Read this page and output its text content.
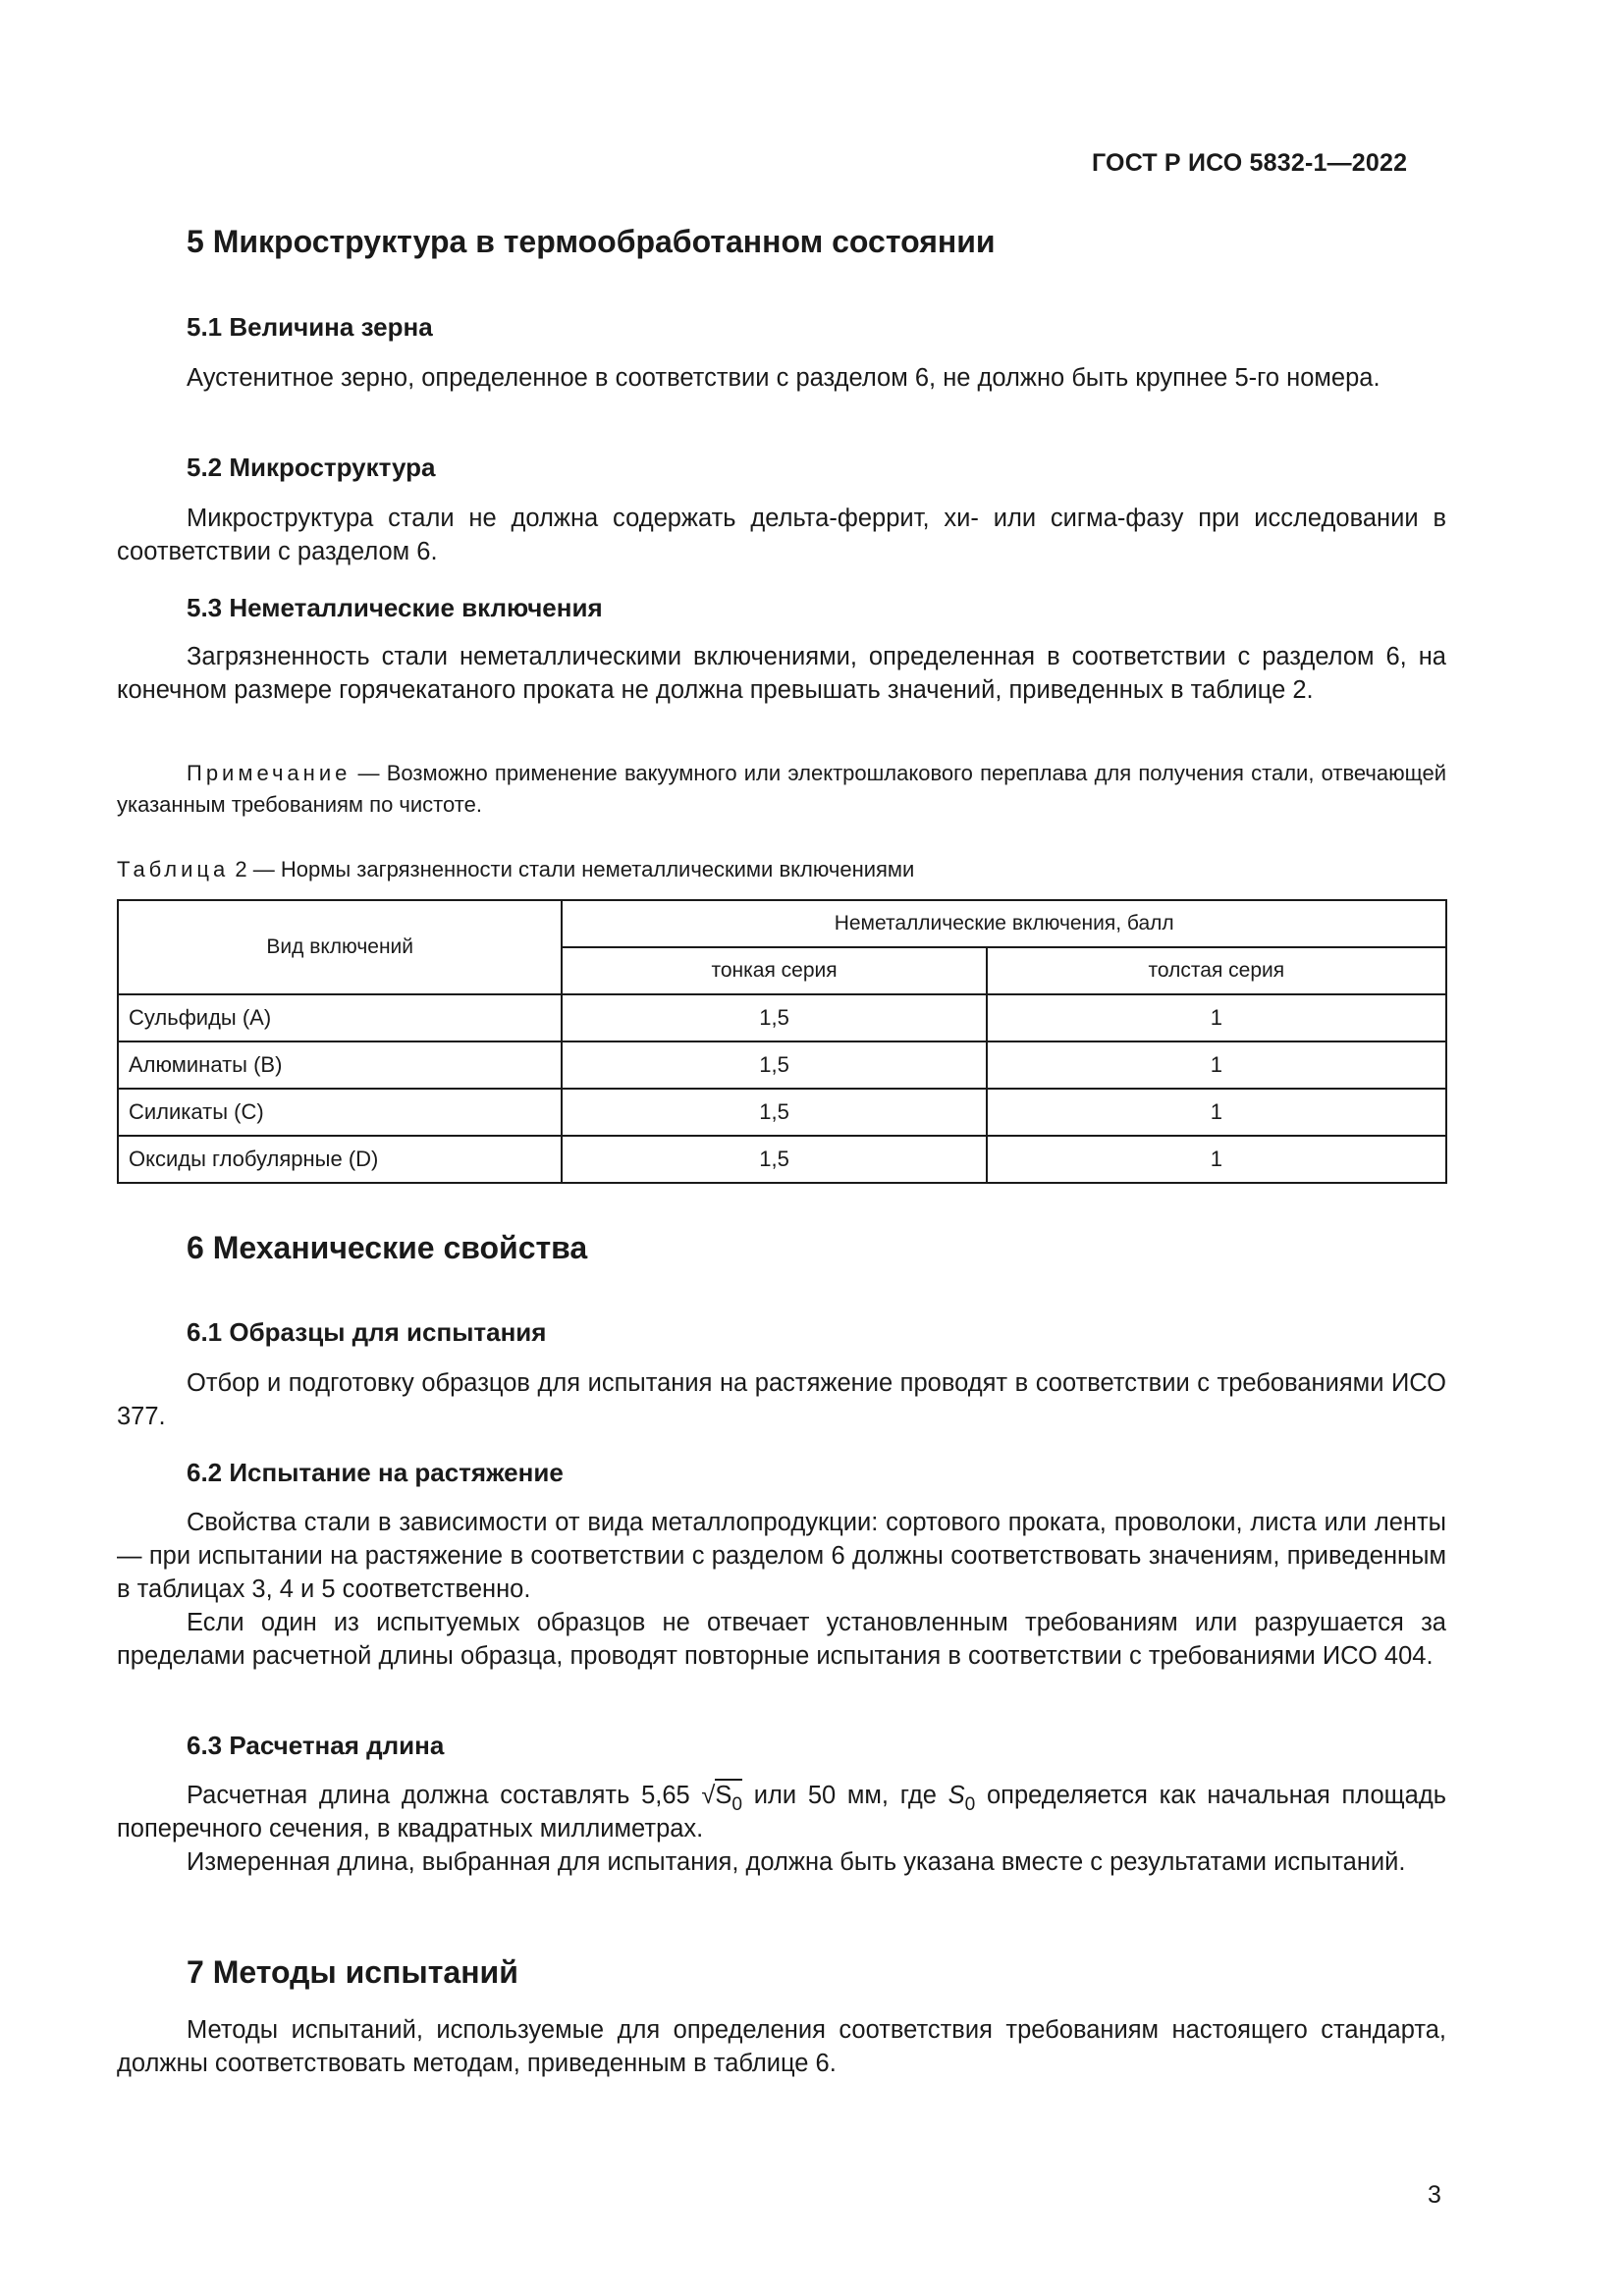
ГОСТ Р ИСО 5832-1—2022
5 Микроструктура в термообработанном состоянии
5.1 Величина зерна

Аустенитное зерно, определенное в соответствии с разделом 6, не должно быть крупнее 5-го номера.

5.2 Микроструктура

Микроструктура стали не должна содержать дельта-феррит, хи- или сигма-фазу при исследовании в соответствии с разделом 6.

5.3 Неметаллические включения

Загрязненность стали неметаллическими включениями, определенная в соответствии с разделом 6, на конечном размере горячекатаного проката не должна превышать значений, приведенных в таблице 2.

Примечание — Возможно применение вакуумного или электрошлакового переплава для получения стали, отвечающей указанным требованиям по чистоте.

Таблица 2 — Нормы загрязненности стали неметаллическими включениями
Вид включений	Неметаллические включения, балл	
	тонкая серия	толстая серия
Сульфиды (А)	1,5	1
Алюминаты (В)	1,5	1
Силикаты (С)	1,5	1
Оксиды глобулярные (D)	1,5	1
6 Механические свойства
6.1 Образцы для испытания

Отбор и подготовку образцов для испытания на растяжение проводят в соответствии с требованиями ИСО 377.

6.2 Испытание на растяжение

Свойства стали в зависимости от вида металлопродукции: сортового проката, проволоки, листа или ленты — при испытании на растяжение в соответствии с разделом 6 должны соответствовать значениям, приведенным в таблицах 3, 4 и 5 соответственно.

Если один из испытуемых образцов не отвечает установленным требованиям или разрушается за пределами расчетной длины образца, проводят повторные испытания в соответствии с требованиями ИСО 404.

6.3 Расчетная длина

Расчетная длина должна составлять 5,65 $√S_0$ или 50 мм, где $S_0$ определяется как начальная площадь поперечного сечения, в квадратных миллиметрах.

Измеренная длина, выбранная для испытания, должна быть указана вместе с результатами испытаний.

7 Методы испытаний

Методы испытаний, используемые для определения соответствия требованиям настоящего стандарта, должны соответствовать методам, приведенным в таблице 6.

3
